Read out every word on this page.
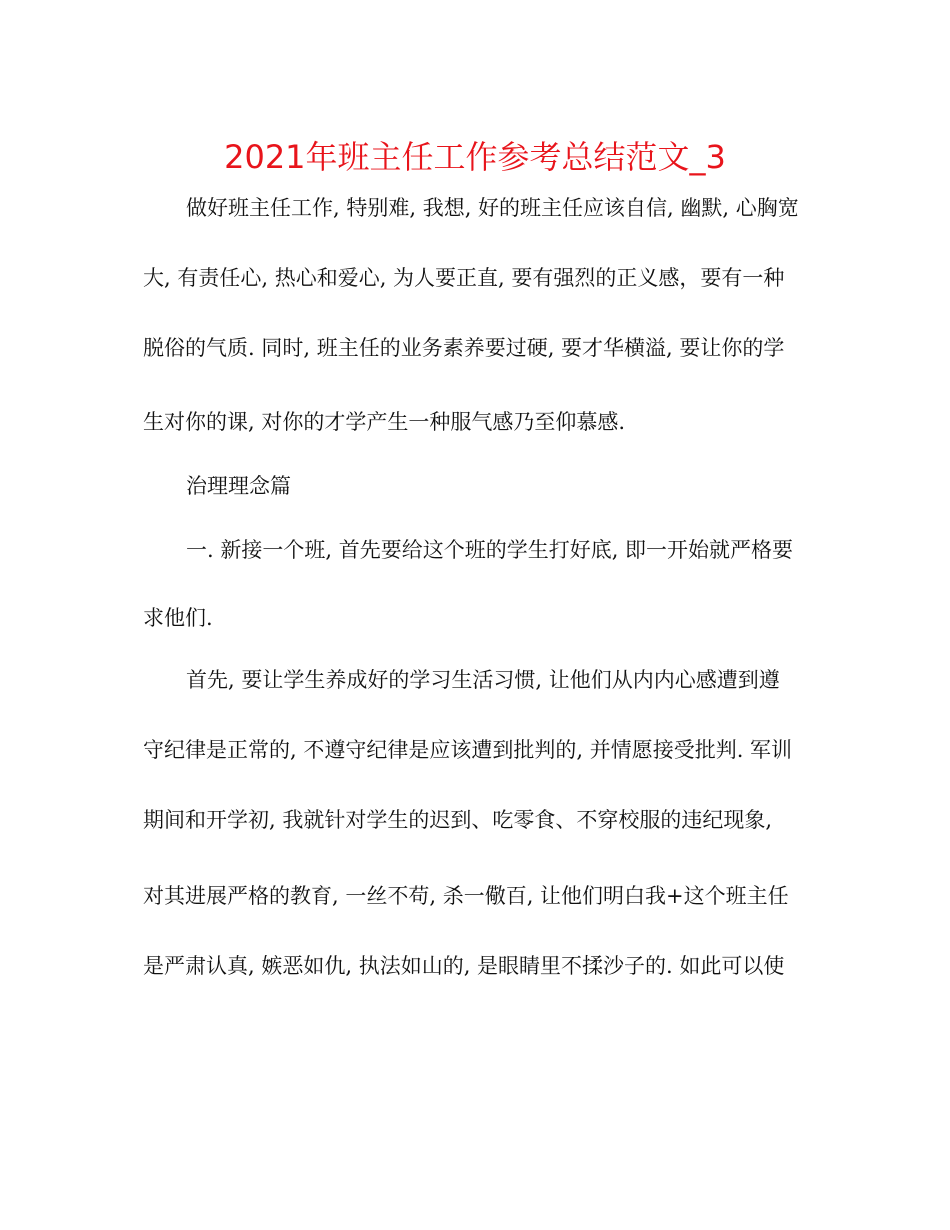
2021年班主任工作参考总结范文_3
做好班主任工作, 特别难, 我想, 好的班主任应该自信, 幽默, 心胸宽
大, 有责任心, 热心和爱心, 为人要正直, 要有强烈的正义感，要有一种
脱俗的气质. 同时, 班主任的业务素养要过硬, 要才华横溢, 要让你的学
生对你的课, 对你的才学产生一种服气感乃至仰慕感.
治理理念篇
一. 新接一个班, 首先要给这个班的学生打好底, 即一开始就严格要
求他们.
首先, 要让学生养成好的学习生活习惯, 让他们从内内心感遭到遵
守纪律是正常的, 不遵守纪律是应该遭到批判的, 并情愿接受批判. 军训
期间和开学初, 我就针对学生的迟到、吃零食、不穿校服的违纪现象,
对其进展严格的教育, 一丝不苟, 杀一儆百, 让他们明白我+这个班主任
是严肃认真, 嫉恶如仇, 执法如山的, 是眼睛里不揉沙子的. 如此可以使
